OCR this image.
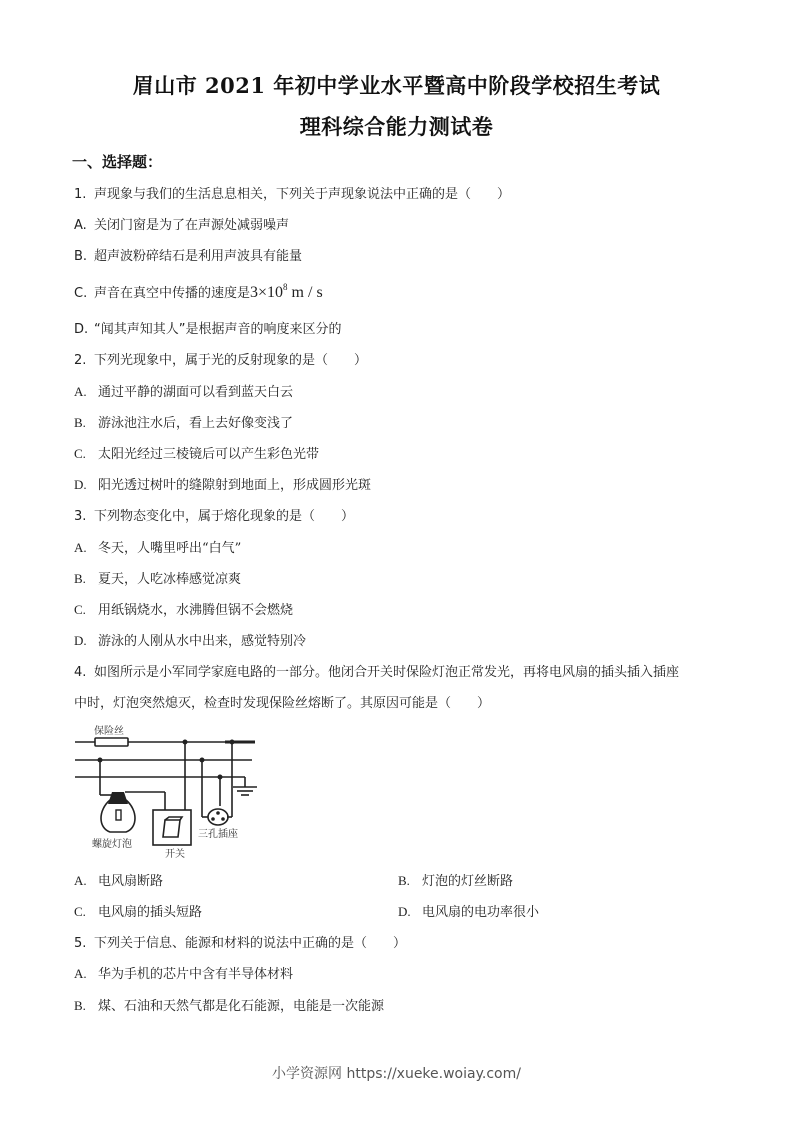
眉山市 2021 年初中学业水平暨高中阶段学校招生考试
理科综合能力测试卷
一、选择题：
1. 声现象与我们的生活息息相关，下列关于声现象说法中正确的是（　　）
A. 关闭门窗是为了在声源处减弱噪声
B. 超声波粉碎结石是利用声波具有能量
C. 声音在真空中传播的速度是$3\times 10^8$ m / s
D. “闻其声知其人”是根据声音的响度来区分的
2. 下列光现象中，属于光的反射现象的是（　　）
A. 通过平静的湖面可以看到蓝天白云
B. 游泳池注水后，看上去好像变浅了
C. 太阳光经过三棱镜后可以产生彩色光带
D. 阳光透过树叶的缝隙射到地面上，形成圆形光斑
3. 下列物态变化中，属于熔化现象的是（　　）
A. 冬天，人嘴里呼出“白气”
B. 夏天，人吃冰棒感觉凉爽
C. 用纸锅烧水，水沸腾但锅不会燃烧
D. 游泳的人刚从水中出来，感觉特别冷
4. 如图所示是小军同学家庭电路的一部分。他闭合开关时保险灯泡正常发光，再将电风扇的插头插入插座
中时，灯泡突然熄灭，检查时发现保险丝熔断了。其原因可能是（　　）
保险丝
螺旋灯泡
开关
三孔插座
A. 电风扇断路	B. 灯泡的灯丝断路
C. 电风扇的插头短路	D. 电风扇的电功率很小
5. 下列关于信息、能源和材料的说法中正确的是（　　）
A. 华为手机的芯片中含有半导体材料
B. 煤、石油和天然气都是化石能源，电能是一次能源
小学资源网 https://xueke.woiay.com/
